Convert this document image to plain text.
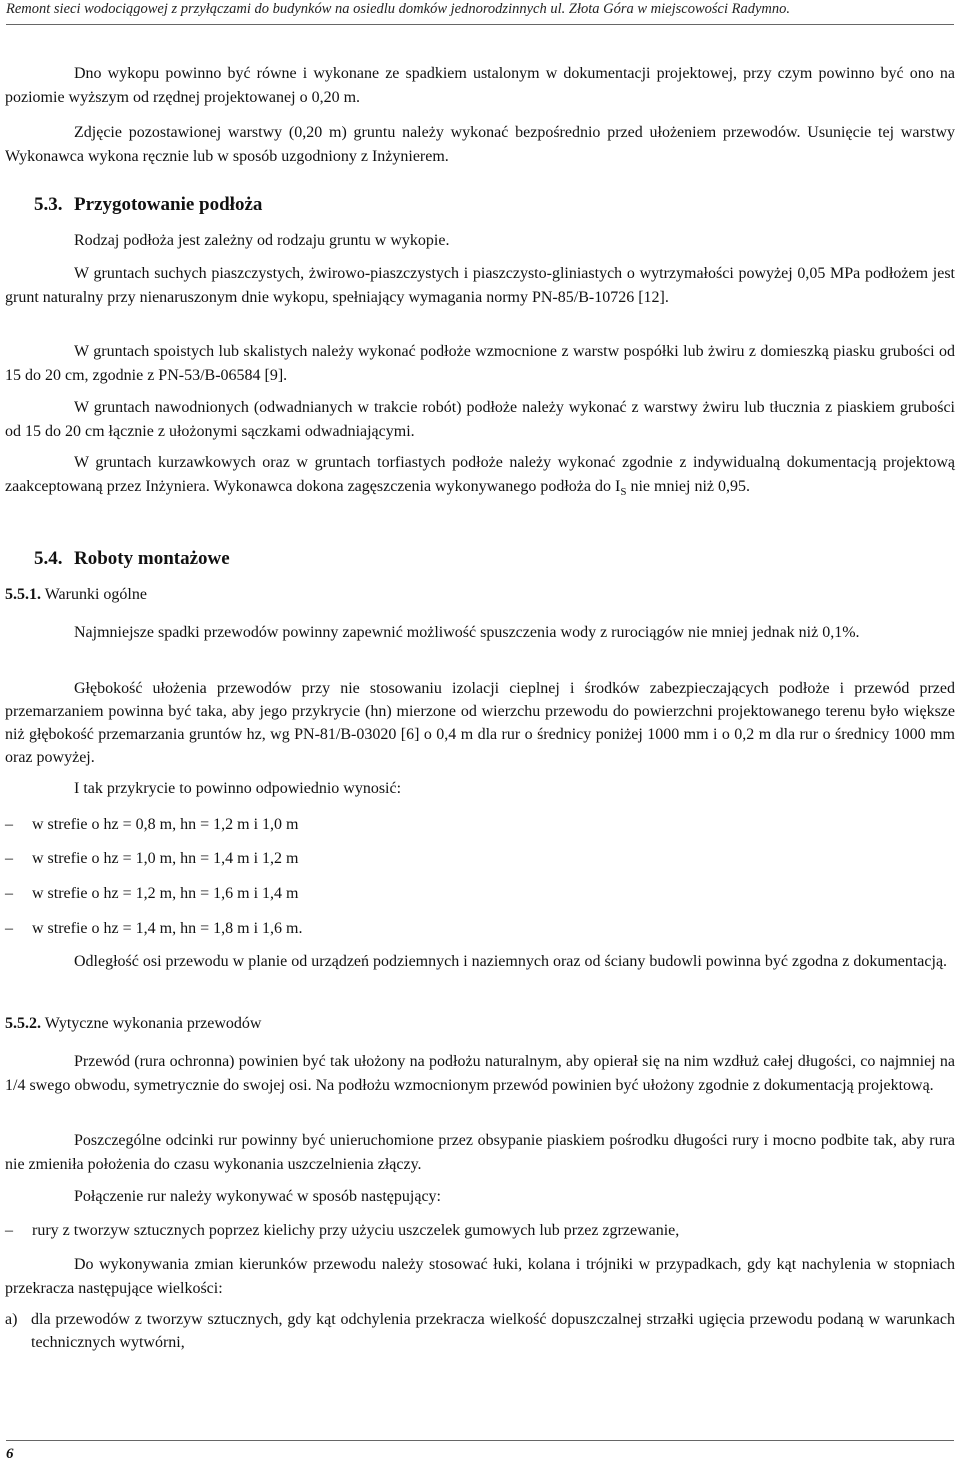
Remont sieci wodociągowej z przyłączami do budynków na osiedlu domków jednorodzinnych ul. Złota Góra w miejscowości Radymno.
Dno wykopu powinno być równe i wykonane ze spadkiem ustalonym w dokumentacji projektowej, przy czym powinno być ono na poziomie wyższym od rzędnej projektowanej o 0,20 m.
Zdjęcie pozostawionej warstwy (0,20 m) gruntu należy wykonać bezpośrednio przed ułożeniem przewodów. Usunięcie tej warstwy Wykonawca wykona ręcznie lub w sposób uzgodniony z Inżynierem.
5.3. Przygotowanie podłoża
Rodzaj podłoża jest zależny od rodzaju gruntu w wykopie.
W gruntach suchych piaszczystych, żwirowo-piaszczystych i piaszczysto-gliniastych o wytrzymałości powyżej 0,05 MPa podłożem jest grunt naturalny przy nienaruszonym dnie wykopu, spełniający wymagania normy PN-85/B-10726 [12].
W gruntach spoistych lub skalistych należy wykonać podłoże wzmocnione z warstw pospółki lub żwiru z domieszką piasku grubości od 15 do 20 cm, zgodnie z PN-53/B-06584 [9].
W gruntach nawodnionych (odwadnianych w trakcie robót) podłoże należy wykonać z warstwy żwiru lub tłucznia z piaskiem grubości od 15 do 20 cm łącznie z ułożonymi sączkami odwadniającymi.
W gruntach kurzawkowych oraz w gruntach torfiastych podłoże należy wykonać zgodnie z indywidualną dokumentacją projektową zaakceptowaną przez Inżyniera. Wykonawca dokona zagęszczenia wykonywanego podłoża do $I_S$ nie mniej niż 0,95.
5.4. Roboty montażowe
5.5.1. Warunki ogólne
Najmniejsze spadki przewodów powinny zapewnić możliwość spuszczenia wody z rurociągów nie mniej jednak niż 0,1%.
Głębokość ułożenia przewodów przy nie stosowaniu izolacji cieplnej i środków zabezpieczających podłoże i przewód przed przemarzaniem powinna być taka, aby jego przykrycie (hn) mierzone od wierzchu przewodu do powierzchni projektowanego terenu było większe niż głębokość przemarzania gruntów hz, wg PN-81/B-03020 [6] o 0,4 m dla rur o średnicy poniżej 1000 mm i o 0,2 m dla rur o średnicy 1000 mm oraz powyżej.
I tak przykrycie to powinno odpowiednio wynosić:
– w strefie o hz = 0,8 m, hn = 1,2 m i 1,0 m
– w strefie o hz = 1,0 m, hn = 1,4 m i 1,2 m
– w strefie o hz = 1,2 m, hn = 1,6 m i 1,4 m
– w strefie o hz = 1,4 m, hn = 1,8 m i 1,6 m.
Odległość osi przewodu w planie od urządzeń podziemnych i naziemnych oraz od ściany budowli powinna być zgodna z dokumentacją.
5.5.2. Wytyczne wykonania przewodów
Przewód (rura ochronna) powinien być tak ułożony na podłożu naturalnym, aby opierał się na nim wzdłuż całej długości, co najmniej na 1/4 swego obwodu, symetrycznie do swojej osi. Na podłożu wzmocnionym przewód powinien być ułożony zgodnie z dokumentacją projektową.
Poszczególne odcinki rur powinny być unieruchomione przez obsypanie piaskiem pośrodku długości rury i mocno podbite tak, aby rura nie zmieniła położenia do czasu wykonania uszczelnienia złączy.
Połączenie rur należy wykonywać w sposób następujący:
– rury z tworzyw sztucznych poprzez kielichy przy użyciu uszczelek gumowych lub przez zgrzewanie,
Do wykonywania zmian kierunków przewodu należy stosować łuki, kolana i trójniki w przypadkach, gdy kąt nachylenia w stopniach przekracza następujące wielkości:
a) dla przewodów z tworzyw sztucznych, gdy kąt odchylenia przekracza wielkość dopuszczalnej strzałki ugięcia przewodu podaną w warunkach technicznych wytwórni,
6
